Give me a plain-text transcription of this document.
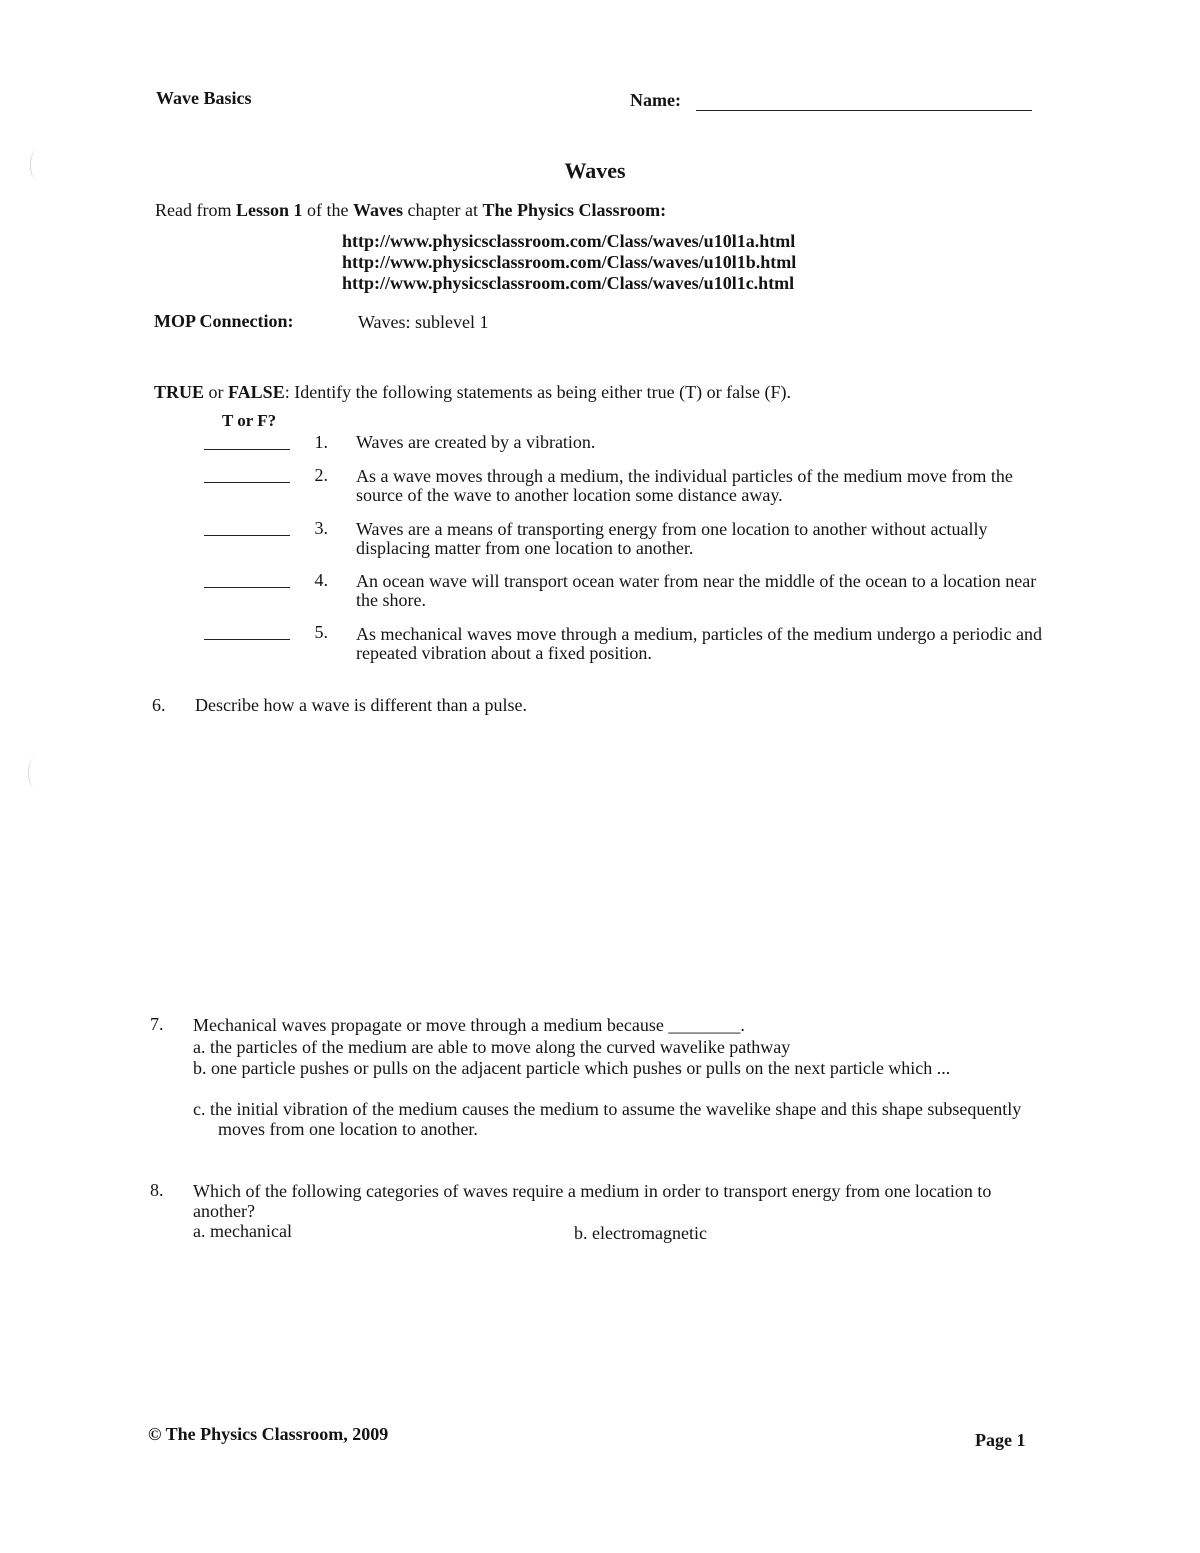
Wave Basics	Name:
Waves
Read from Lesson 1 of the Waves chapter at The Physics Classroom:
http://www.physicsclassroom.com/Class/waves/u10l1a.html
http://www.physicsclassroom.com/Class/waves/u10l1b.html
http://www.physicsclassroom.com/Class/waves/u10l1c.html
MOP Connection:	Waves: sublevel 1
TRUE or FALSE: Identify the following statements as being either true (T) or false (F).
T or F?
1. Waves are created by a vibration.
2. As a wave moves through a medium, the individual particles of the medium move from the source of the wave to another location some distance away.
3. Waves are a means of transporting energy from one location to another without actually displacing matter from one location to another.
4. An ocean wave will transport ocean water from near the middle of the ocean to a location near the shore.
5. As mechanical waves move through a medium, particles of the medium undergo a periodic and repeated vibration about a fixed position.
6. Describe how a wave is different than a pulse.
7. Mechanical waves propagate or move through a medium because ________.
a. the particles of the medium are able to move along the curved wavelike pathway
b. one particle pushes or pulls on the adjacent particle which pushes or pulls on the next particle which ...
c. the initial vibration of the medium causes the medium to assume the wavelike shape and this shape subsequently moves from one location to another.
8. Which of the following categories of waves require a medium in order to transport energy from one location to another?
a. mechanical	b. electromagnetic
© The Physics Classroom, 2009	Page 1
